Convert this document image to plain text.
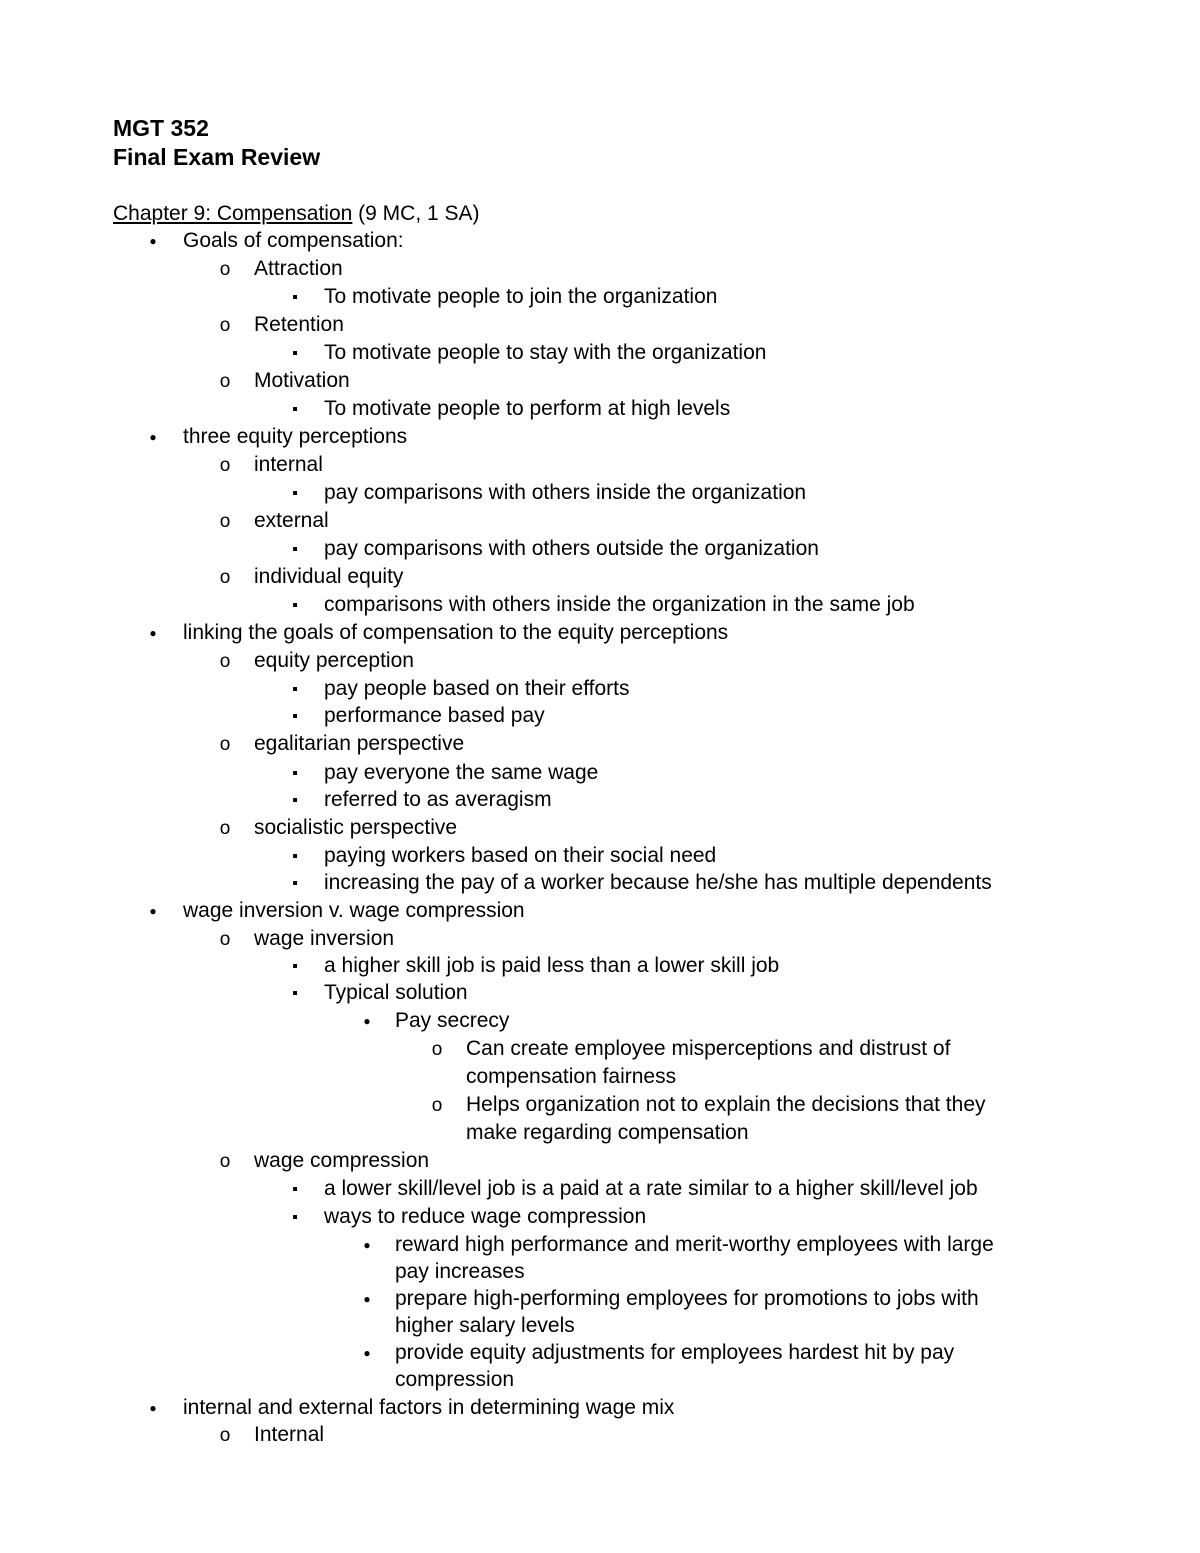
MGT 352
Final Exam Review
Chapter 9: Compensation (9 MC, 1 SA)
●
Goals of compensation:
o
Attraction
▪
To motivate people to join the organization
o
Retention
▪
To motivate people to stay with the organization
o
Motivation
▪
To motivate people to perform at high levels
●
three equity perceptions
o
internal
▪
pay comparisons with others inside the organization
o
external
▪
pay comparisons with others outside the organization
o
individual equity
▪
comparisons with others inside the organization in the same job
●
linking the goals of compensation to the equity perceptions
o
equity perception
▪
pay people based on their efforts
▪
performance based pay
o
egalitarian perspective
▪
pay everyone the same wage
▪
referred to as averagism
o
socialistic perspective
▪
paying workers based on their social need
▪
increasing the pay of a worker because he/she has multiple dependents
●
wage inversion v. wage compression
o
wage inversion
▪
a higher skill job is paid less than a lower skill job
▪
Typical solution
●
Pay secrecy
o
Can create employee misperceptions and distrust of
compensation fairness
o
Helps organization not to explain the decisions that they
make regarding compensation
o
wage compression
▪
a lower skill/level job is a paid at a rate similar to a higher skill/level job
▪
ways to reduce wage compression
●
reward high performance and merit-worthy employees with large
pay increases
●
prepare high-performing employees for promotions to jobs with
higher salary levels
●
provide equity adjustments for employees hardest hit by pay
compression
●
internal and external factors in determining wage mix
o
Internal
